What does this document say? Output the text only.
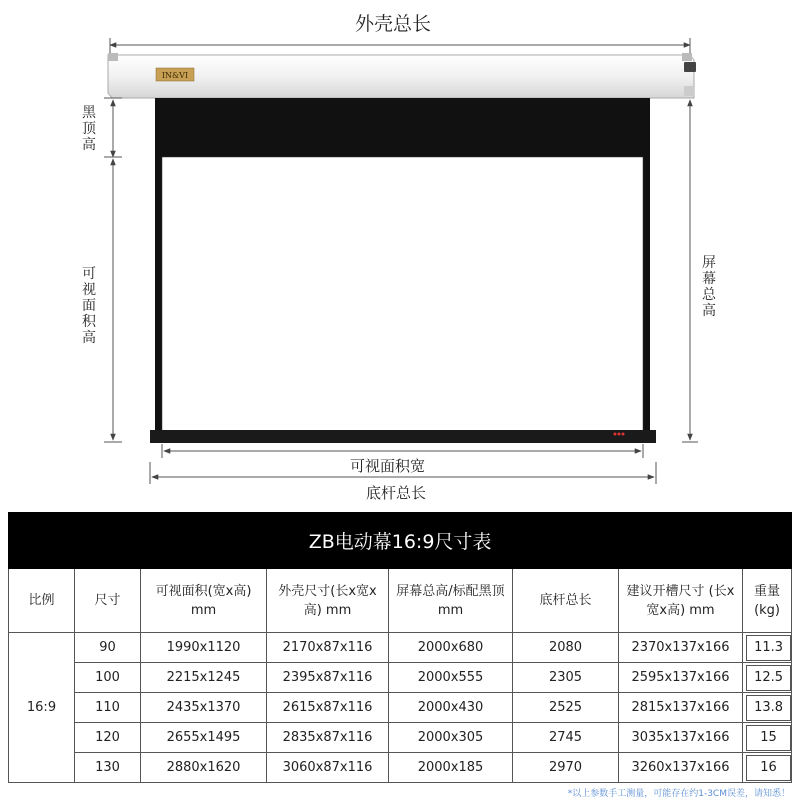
IN&VI
外壳总长
黑顶高
可视面积高
屏幕总高
可视面积宽
底杆总长
ZB电动幕16:9尺寸表							
比例	尺寸	可视面积(宽x高) mm	外壳尺寸(长x宽x高) mm	屏幕总高/标配黑顶 mm	底杆总长	建议开槽尺寸 (长x宽x高) mm	重量 (kg)
16:9	90	1990x1120	2170x87x116	2000x680	2080	2370x137x166	11.3

	100	2215x1245	2395x87x116	2000x555	2305	2595x137x166	12.5

	110	2435x1370	2615x87x116	2000x430	2525	2815x137x166	13.8

	120	2655x1495	2835x87x116	2000x305	2745	3035x137x166	15

	130	2880x1620	3060x87x116	2000x185	2970	3260x137x166	16
*以上参数手工测量，可能存在约1-3CM误差，请知悉！
